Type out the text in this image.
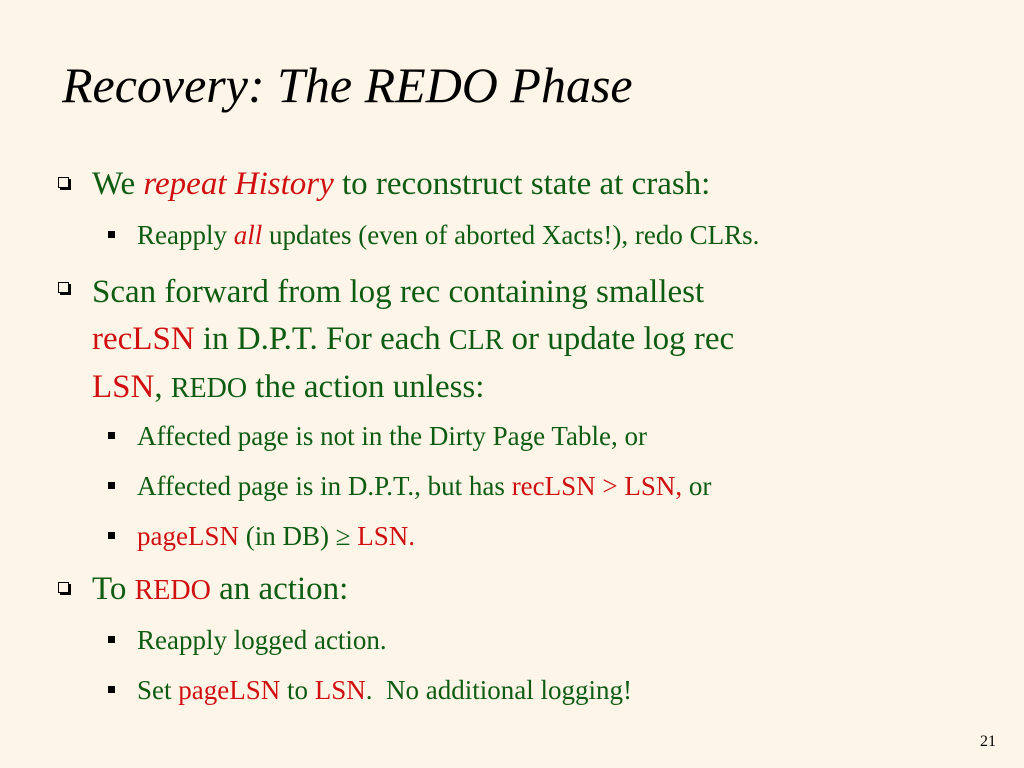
Recovery: The REDO Phase
We repeat History to reconstruct state at crash:
Reapply all updates (even of aborted Xacts!), redo CLRs.
Scan forward from log rec containing smallest
recLSN in D.P.T. For each CLR or update log rec
LSN, REDO the action unless:
Affected page is not in the Dirty Page Table, or
Affected page is in D.P.T., but has recLSN > LSN, or
pageLSN (in DB) ≥ LSN.
To REDO an action:
Reapply logged action.
Set pageLSN to LSN.  No additional logging!
21
